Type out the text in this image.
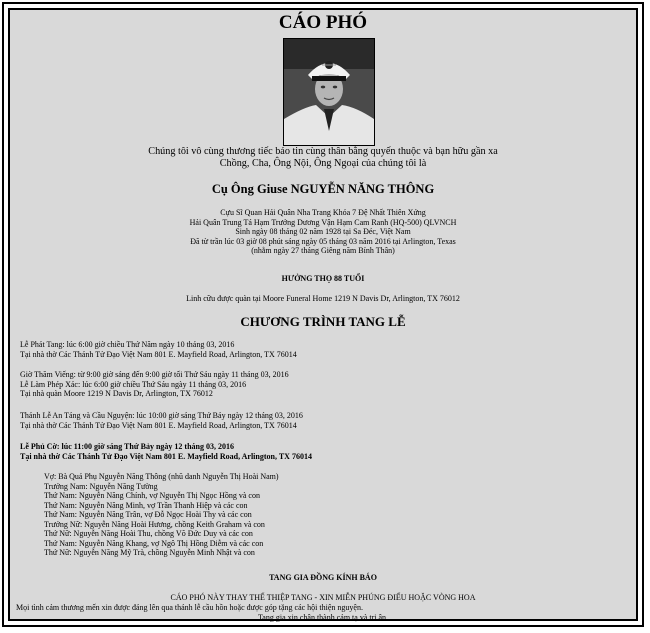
CÁO PHÓ
Chúng tôi vô cùng thương tiếc báo tin cùng thân bằng quyến thuộc và bạn hữu gần xa
Chồng, Cha, Ông Nội, Ông Ngoại của chúng tôi là
Cụ Ông Giuse NGUYỄN NĂNG THÔNG
Cựu Sĩ Quan Hải Quân Nha Trang Khóa 7 Đệ Nhất Thiên Xứng
Hải Quân Trung Tá Hạm Trưởng Dương Vận Hạm Cam Ranh (HQ-500) QLVNCH
Sinh ngày 08 tháng 02 năm 1928 tại Sa Đéc, Việt Nam
Đã từ trần lúc 03 giờ 08 phút sáng ngày 05 tháng 03 năm 2016 tại Arlington, Texas
(nhằm ngày 27 tháng Giêng năm Bính Thân)
HƯỞNG THỌ 88 TUỔI
Linh cữu được quàn tại Moore Funeral Home 1219 N Davis Dr, Arlington, TX 76012
CHƯƠNG TRÌNH TANG LỄ
Lễ Phát Tang: lúc 6:00 giờ chiều Thứ Năm ngày 10 tháng 03, 2016
Tại nhà thờ Các Thánh Tử Đạo Việt Nam 801 E. Mayfield Road, Arlington, TX 76014
Giờ Thăm Viếng: từ 9:00 giờ sáng đến 9:00 giờ tối Thứ Sáu ngày 11 tháng 03, 2016
Lễ Làm Phép Xác: lúc 6:00 giờ chiều Thứ Sáu ngày 11 tháng 03, 2016
Tại nhà quàn Moore 1219 N Davis Dr, Arlington, TX 76012
Thánh Lễ An Táng và Cầu Nguyện: lúc 10:00 giờ sáng Thứ Bảy ngày 12 tháng 03, 2016
Tại nhà thờ Các Thánh Tử Đạo Việt Nam 801 E. Mayfield Road, Arlington, TX 76014
Lễ Phủ Cờ: lúc 11:00 giờ sáng Thứ Bảy ngày 12 tháng 03, 2016
Tại nhà thờ Các Thánh Tử Đạo Việt Nam 801 E. Mayfield Road, Arlington, TX 76014
Vợ: Bà Quả Phụ Nguyễn Năng Thông (nhũ danh Nguyễn Thị Hoài Nam)
Trưởng Nam: Nguyễn Năng Tường
Thứ Nam: Nguyễn Năng Chính, vợ Nguyễn Thị Ngọc Hồng và con
Thứ Nam: Nguyễn Năng Minh, vợ Trần Thanh Hiệp và các con
Thứ Nam: Nguyễn Năng Trân, vợ Đỗ Ngọc Hoài Thy và các con
Trưởng Nữ: Nguyễn Năng Hoài Hương, chồng Keith Graham và con
Thứ Nữ: Nguyễn Năng Hoài Thu, chồng Võ Đức Duy và các con
Thứ Nam: Nguyễn Năng Khang, vợ Ngô Thị Hồng Diễm và các con
Thứ Nữ: Nguyễn Năng Mỹ Trà, chồng Nguyễn Minh Nhật và con
TANG GIA ĐỒNG KÍNH BÁO
CÁO PHÓ NÀY THAY THẾ THIỆP TANG - XIN MIỄN PHÚNG ĐIẾU HOẶC VÒNG HOA
Mọi tình cảm thương mến xin được đáng lên qua thánh lễ cầu hồn hoặc được góp tặng các hội thiện nguyện.
Tang gia xin chân thành cảm tạ và tri ân.
